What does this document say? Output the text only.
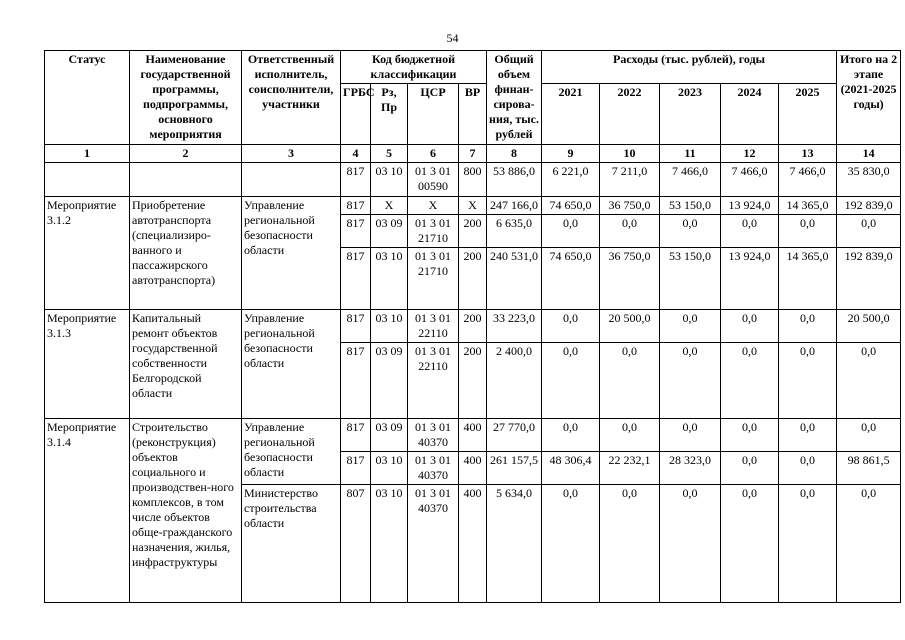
54
Статус	Наименование государственной программы, подпрограммы, основного мероприятия	Ответственный исполнитель, соисполнители, участники	Код бюджетной классификации				Общий объем финан-сирова-ния, тыс. рублей	Расходы (тыс. рублей), годы					Итого на 2 этапе (2021-2025 годы)
			ГРБС	Рз, Пр	ЦСР	ВР		2021	2022	2023	2024	2025	
1	2	3	4	5	6	7	8	9	10	11	12	13	14
			817	03 10	01 3 01 00590	800	53 886,0	6 221,0	7 211,0	7 466,0	7 466,0	7 466,0	35 830,0
Мероприятие 3.1.2	Приобретение автотранспорта (специализиро-ванного и пассажирского автотранспорта)	Управление региональной безопасности области	817	Х	Х	Х	247 166,0	74 650,0	36 750,0	53 150,0	13 924,0	14 365,0	192 839,0
			817	03 09	01 3 01 21710	200	6 635,0	0,0	0,0	0,0	0,0	0,0	0,0
			817	03 10	01 3 01 21710	200	240 531,0	74 650,0	36 750,0	53 150,0	13 924,0	14 365,0	192 839,0
Мероприятие 3.1.3	Капитальный ремонт объектов государственной собственности Белгородской области	Управление региональной безопасности области	817	03 10	01 3 01 22110	200	33 223,0	0,0	20 500,0	0,0	0,0	0,0	20 500,0
			817	03 09	01 3 01 22110	200	2 400,0	0,0	0,0	0,0	0,0	0,0	0,0
Мероприятие 3.1.4	Строительство (реконструкция) объектов социального и производствен-ного комплексов, в том числе объектов обще-гражданского назначения, жилья, инфраструктуры	Управление региональной безопасности области	817	03 09	01 3 01 40370	400	27 770,0	0,0	0,0	0,0	0,0	0,0	0,0
			817	03 10	01 3 01 40370	400	261 157,5	48 306,4	22 232,1	28 323,0	0,0	0,0	98 861,5
		Министерство строительства области	807	03 10	01 3 01 40370	400	5 634,0	0,0	0,0	0,0	0,0	0,0	0,0
